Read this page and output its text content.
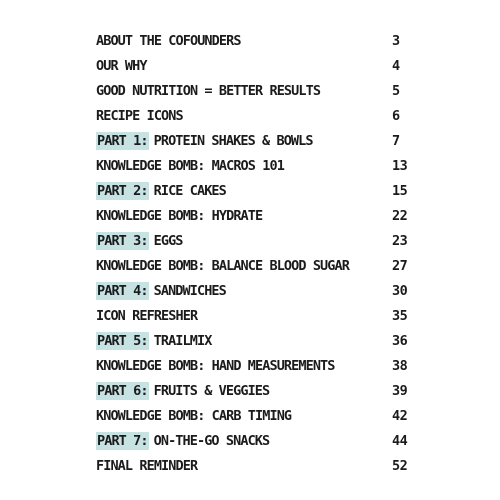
ABOUT THE COFOUNDERS	3
OUR WHY	4
GOOD NUTRITION = BETTER RESULTS	5
RECIPE ICONS	6
PART 1: PROTEIN SHAKES & BOWLS	7
KNOWLEDGE BOMB: MACROS 101	13
PART 2: RICE CAKES	15
KNOWLEDGE BOMB: HYDRATE	22
PART 3: EGGS	23
KNOWLEDGE BOMB: BALANCE BLOOD SUGAR	27
PART 4: SANDWICHES	30
ICON REFRESHER	35
PART 5: TRAILMIX	36
KNOWLEDGE BOMB: HAND MEASUREMENTS	38
PART 6: FRUITS & VEGGIES	39
KNOWLEDGE BOMB: CARB TIMING	42
PART 7: ON-THE-GO SNACKS	44
FINAL REMINDER	52
